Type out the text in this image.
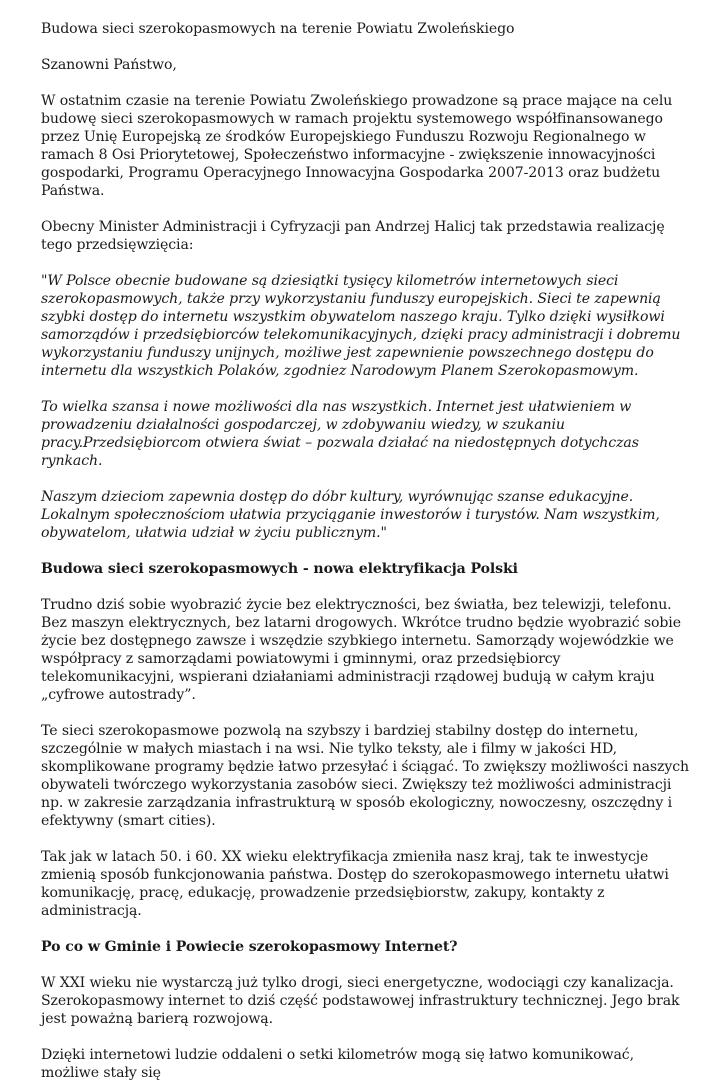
Budowa sieci szerokopasmowych na terenie Powiatu Zwoleńskiego

Szanowni Państwo,

W ostatnim czasie na terenie Powiatu Zwoleńskiego prowadzone są prace mające na celu budowę sieci szerokopasmowych w ramach projektu systemowego współfinansowanego przez Unię Europejską ze środków Europejskiego Funduszu Rozwoju Regionalnego w ramach 8 Osi Priorytetowej, Społeczeństwo informacyjne - zwiększenie innowacyjności gospodarki, Programu Operacyjnego Innowacyjna Gospodarka 2007-2013 oraz budżetu Państwa.

Obecny Minister Administracji i Cyfryzacji pan Andrzej Halicj tak przedstawia realizację tego przedsięwzięcia:

"W Polsce obecnie budowane są dziesiątki tysięcy kilometrów internetowych sieci szerokopasmowych, także przy wykorzystaniu funduszy europejskich. Sieci te zapewnią szybki dostęp do internetu wszystkim obywatelom naszego kraju. Tylko dzięki wysiłkowi samorządów i przedsiębiorców telekomunikacyjnych, dzięki pracy administracji i dobremu wykorzystaniu funduszy unijnych, możliwe jest zapewnienie powszechnego dostępu do internetu dla wszystkich Polaków, zgodniez Narodowym Planem Szerokopasmowym.

To wielka szansa i nowe możliwości dla nas wszystkich. Internet jest ułatwieniem w prowadzeniu działalności gospodarczej, w zdobywaniu wiedzy, w szukaniu pracy.Przedsiębiorcom otwiera świat – pozwala działać na niedostępnych dotychczas rynkach.

Naszym dzieciom zapewnia dostęp do dóbr kultury, wyrównując szanse edukacyjne. Lokalnym społecznościom ułatwia przyciąganie inwestorów i turystów. Nam wszystkim, obywatelom, ułatwia udział w życiu publicznym."

Budowa sieci szerokopasmowych - nowa elektryfikacja Polski

Trudno dziś sobie wyobrazić życie bez elektryczności, bez światła, bez telewizji, telefonu. Bez maszyn elektrycznych, bez latarni drogowych. Wkrótce trudno będzie wyobrazić sobie życie bez dostępnego zawsze i wszędzie szybkiego internetu. Samorządy wojewódzkie we współpracy z samorządami powiatowymi i gminnymi, oraz przedsiębiorcy telekomunikacyjni, wspierani działaniami administracji rządowej budują w całym kraju „cyfrowe autostrady”.

Te sieci szerokopasmowe pozwolą na szybszy i bardziej stabilny dostęp do internetu, szczególnie w małych miastach i na wsi. Nie tylko teksty, ale i filmy w jakości HD, skomplikowane programy będzie łatwo przesyłać i ściągać. To zwiększy możliwości naszych obywateli twórczego wykorzystania zasobów sieci. Zwiększy też możliwości administracji np. w zakresie zarządzania infrastrukturą w sposób ekologiczny, nowoczesny, oszczędny i efektywny (smart cities).

Tak jak w latach 50. i 60. XX wieku elektryfikacja zmieniła nasz kraj, tak te inwestycje zmienią sposób funkcjonowania państwa. Dostęp do szerokopasmowego internetu ułatwi komunikację, pracę, edukację, prowadzenie przedsiębiorstw, zakupy, kontakty z administracją.

Po co w Gminie i Powiecie szerokopasmowy Internet?

W XXI wieku nie wystarczą już tylko drogi, sieci energetyczne, wodociągi czy kanalizacja. Szerokopasmowy internet to dziś część podstawowej infrastruktury technicznej. Jego brak jest poważną barierą rozwojową.

Dzięki internetowi ludzie oddaleni o setki kilometrów mogą się łatwo komunikować, możliwe stały się
